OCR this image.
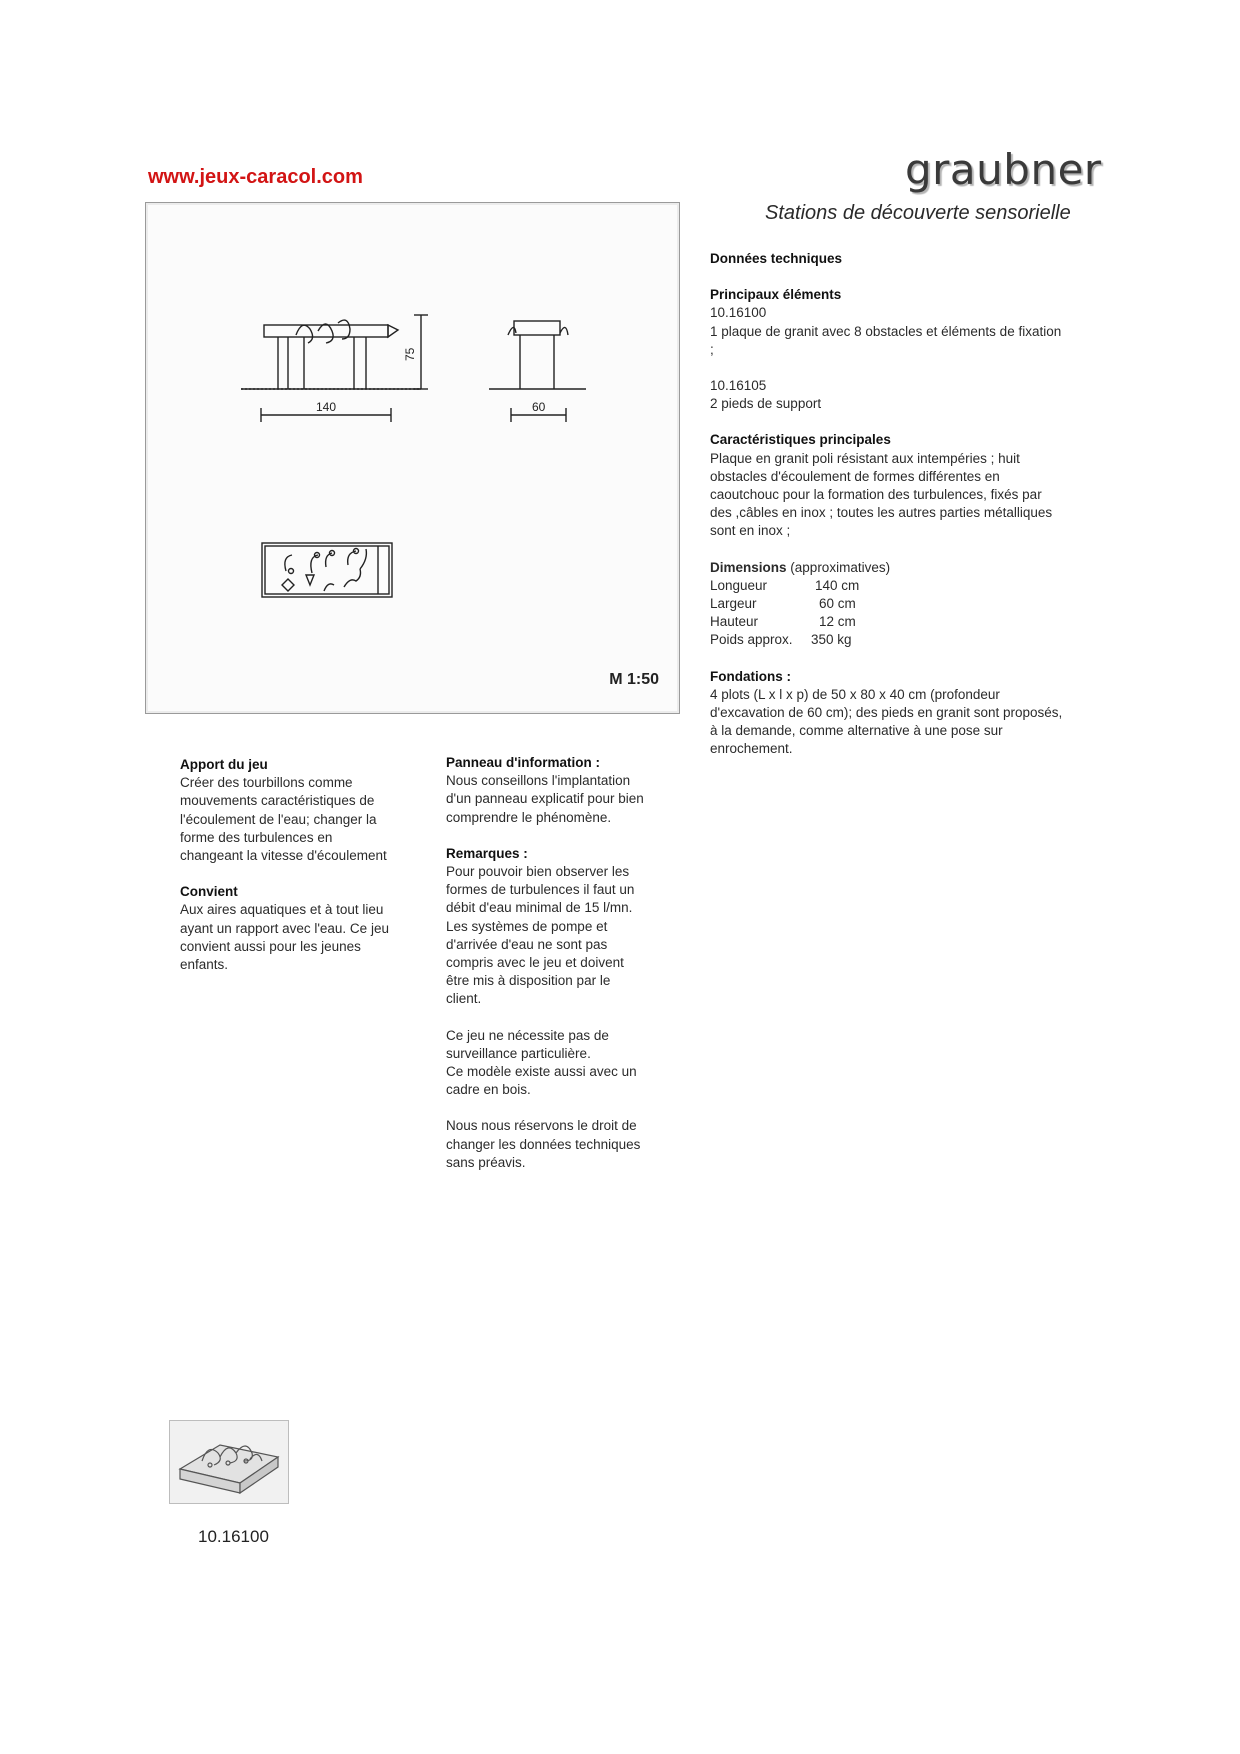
www.jeux-caracol.com	graubner
Stations de découverte sensorielle
140	60
75
M 1:50
Données techniques
Principaux éléments
10.16100
1 plaque de granit avec 8 obstacles et éléments de fixation
;
10.16105
2 pieds de support
Caractéristiques principales
Plaque en granit poli résistant aux intempéries ; huit
obstacles d'écoulement de formes différentes en
caoutchouc pour la formation des turbulences, fixés par
des ,câbles en inox ; toutes les autres parties métalliques
sont en inox ;
Dimensions (approximatives)
Longueur	140 cm
Largeur	60 cm
Hauteur	12 cm
Poids approx. 350 kg
Fondations :
4 plots (L x l x p) de 50 x 80 x 40 cm (profondeur
d'excavation de 60 cm); des pieds en granit sont proposés,
à la demande, comme alternative à une pose sur
enrochement.
Apport du jeu
Créer des tourbillons comme
mouvements caractéristiques de
l'écoulement de l'eau; changer la
forme des turbulences en
changeant la vitesse d'écoulement
Convient
Aux aires aquatiques et à tout lieu
ayant un rapport avec l'eau. Ce jeu
convient aussi pour les jeunes
enfants.
Panneau d'information :
Nous conseillons l'implantation
d'un panneau explicatif pour bien
comprendre le phénomène.
Remarques :
Pour pouvoir bien observer les
formes de turbulences il faut un
débit d'eau minimal de 15 l/mn.
Les systèmes de pompe et
d'arrivée d'eau ne sont pas
compris avec le jeu et doivent
être mis à disposition par le
client.
Ce jeu ne nécessite pas de
surveillance particulière.
Ce modèle existe aussi avec un
cadre en bois.
Nous nous réservons le droit de
changer les données techniques
sans préavis.
10.16100
